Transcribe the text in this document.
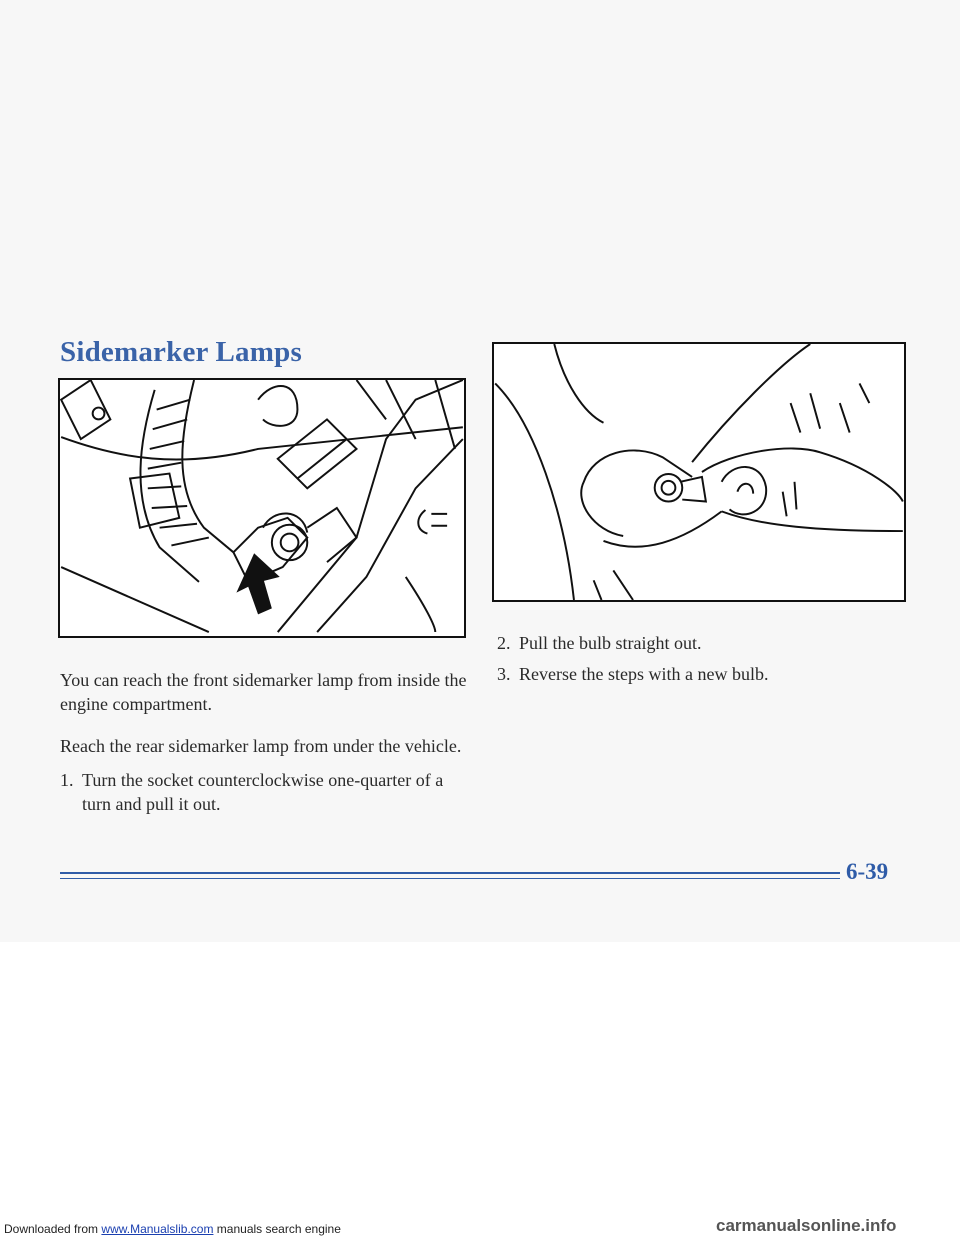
Sidemarker Lamps
You can reach the front sidemarker lamp from inside the engine compartment.
Reach the rear sidemarker lamp from under the vehicle.
1. Turn the socket counterclockwise one-quarter of a turn and pull it out.
2. Pull the bulb straight out.
3. Reverse the steps with a new bulb.
6-39
Downloaded from www.Manualslib.com manuals search engine	carmanualsonline.info
